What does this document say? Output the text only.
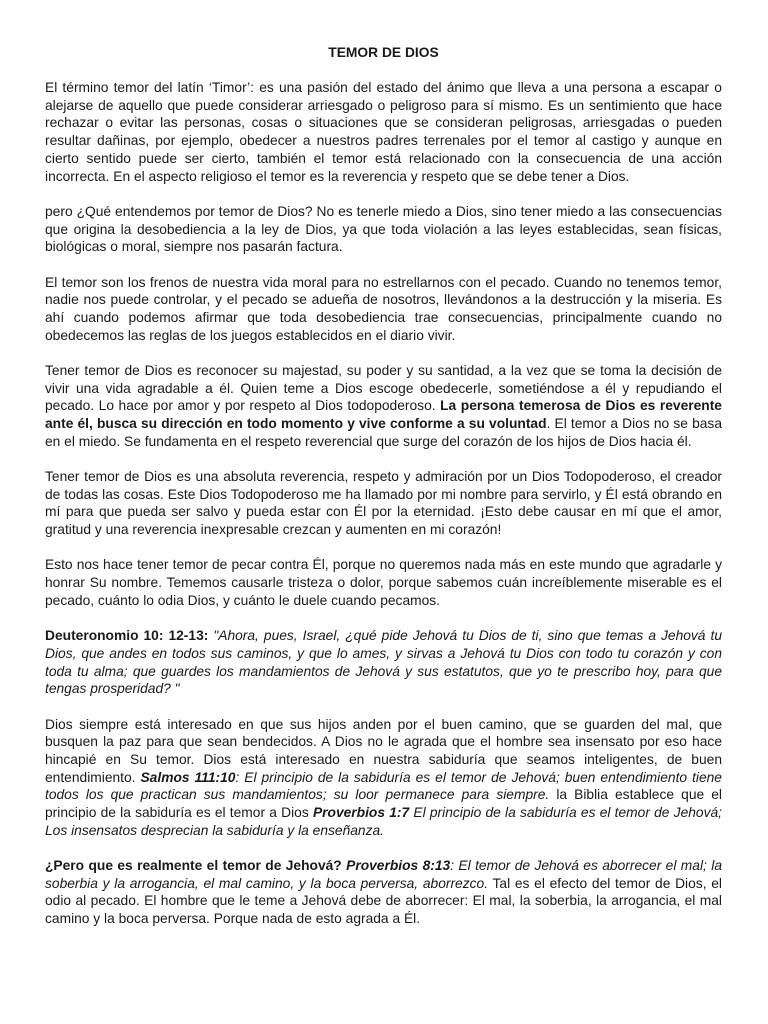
TEMOR DE DIOS

El término temor del latín ‘Timor’: es una pasión del estado del ánimo que lleva a una persona a escapar o alejarse de aquello que puede considerar arriesgado o peligroso para sí mismo. Es un sentimiento que hace rechazar o evitar las personas, cosas o situaciones que se consideran peligrosas, arriesgadas o pueden resultar dañinas, por ejemplo, obedecer a nuestros padres terrenales por el temor al castigo y aunque en cierto sentido puede ser cierto, también el temor está relacionado con la consecuencia de una acción incorrecta. En el aspecto religioso el temor es la reverencia y respeto que se debe tener a Dios.

pero ¿Qué entendemos por temor de Dios? No es tenerle miedo a Dios, sino tener miedo a las consecuencias que origina la desobediencia a la ley de Dios, ya que toda violación a las leyes establecidas, sean físicas, biológicas o moral, siempre nos pasarán factura.

El temor son los frenos de nuestra vida moral para no estrellarnos con el pecado. Cuando no tenemos temor, nadie nos puede controlar, y el pecado se adueña de nosotros, llevándonos a la destrucción y la miseria. Es ahí cuando podemos afirmar que toda desobediencia trae consecuencias, principalmente cuando no obedecemos las reglas de los juegos establecidos en el diario vivir.

Tener temor de Dios es reconocer su majestad, su poder y su santidad, a la vez que se toma la decisión de vivir una vida agradable a él. Quien teme a Dios escoge obedecerle, sometiéndose a él y repudiando el pecado. Lo hace por amor y por respeto al Dios todopoderoso. La persona temerosa de Dios es reverente ante él, busca su dirección en todo momento y vive conforme a su voluntad. El temor a Dios no se basa en el miedo. Se fundamenta en el respeto reverencial que surge del corazón de los hijos de Dios hacia él.

Tener temor de Dios es una absoluta reverencia, respeto y admiración por un Dios Todopoderoso, el creador de todas las cosas. Este Dios Todopoderoso me ha llamado por mi nombre para servirlo, y Él está obrando en mí para que pueda ser salvo y pueda estar con Él por la eternidad. ¡Esto debe causar en mí que el amor, gratitud y una reverencia inexpresable crezcan y aumenten en mi corazón!

Esto nos hace tener temor de pecar contra Él, porque no queremos nada más en este mundo que agradarle y honrar Su nombre. Tememos causarle tristeza o dolor, porque sabemos cuán increíblemente miserable es el pecado, cuánto lo odia Dios, y cuánto le duele cuando pecamos.

Deuteronomio 10: 12-13: "Ahora, pues, Israel, ¿qué pide Jehová tu Dios de ti, sino que temas a Jehová tu Dios, que andes en todos sus caminos, y que lo ames, y sirvas a Jehová tu Dios con todo tu corazón y con toda tu alma; que guardes los mandamientos de Jehová y sus estatutos, que yo te prescribo hoy, para que tengas prosperidad? "

Dios siempre está interesado en que sus hijos anden por el buen camino, que se guarden del mal, que busquen la paz para que sean bendecidos. A Dios no le agrada que el hombre sea insensato por eso hace hincapié en Su temor. Dios está interesado en nuestra sabiduría que seamos inteligentes, de buen entendimiento. Salmos 111:10: El principio de la sabiduría es el temor de Jehová; buen entendimiento tiene todos los que practican sus mandamientos; su loor permanece para siempre. la Biblia establece que el principio de la sabiduría es el temor a Dios Proverbios 1:7 El principio de la sabiduría es el temor de Jehová; Los insensatos desprecian la sabiduría y la enseñanza.

¿Pero que es realmente el temor de Jehová? Proverbios 8:13: El temor de Jehová es aborrecer el mal; la soberbia y la arrogancia, el mal camino, y la boca perversa, aborrezco. Tal es el efecto del temor de Dios, el odio al pecado. El hombre que le teme a Jehová debe de aborrecer: El mal, la soberbia, la arrogancia, el mal camino y la boca perversa. Porque nada de esto agrada a Él.
